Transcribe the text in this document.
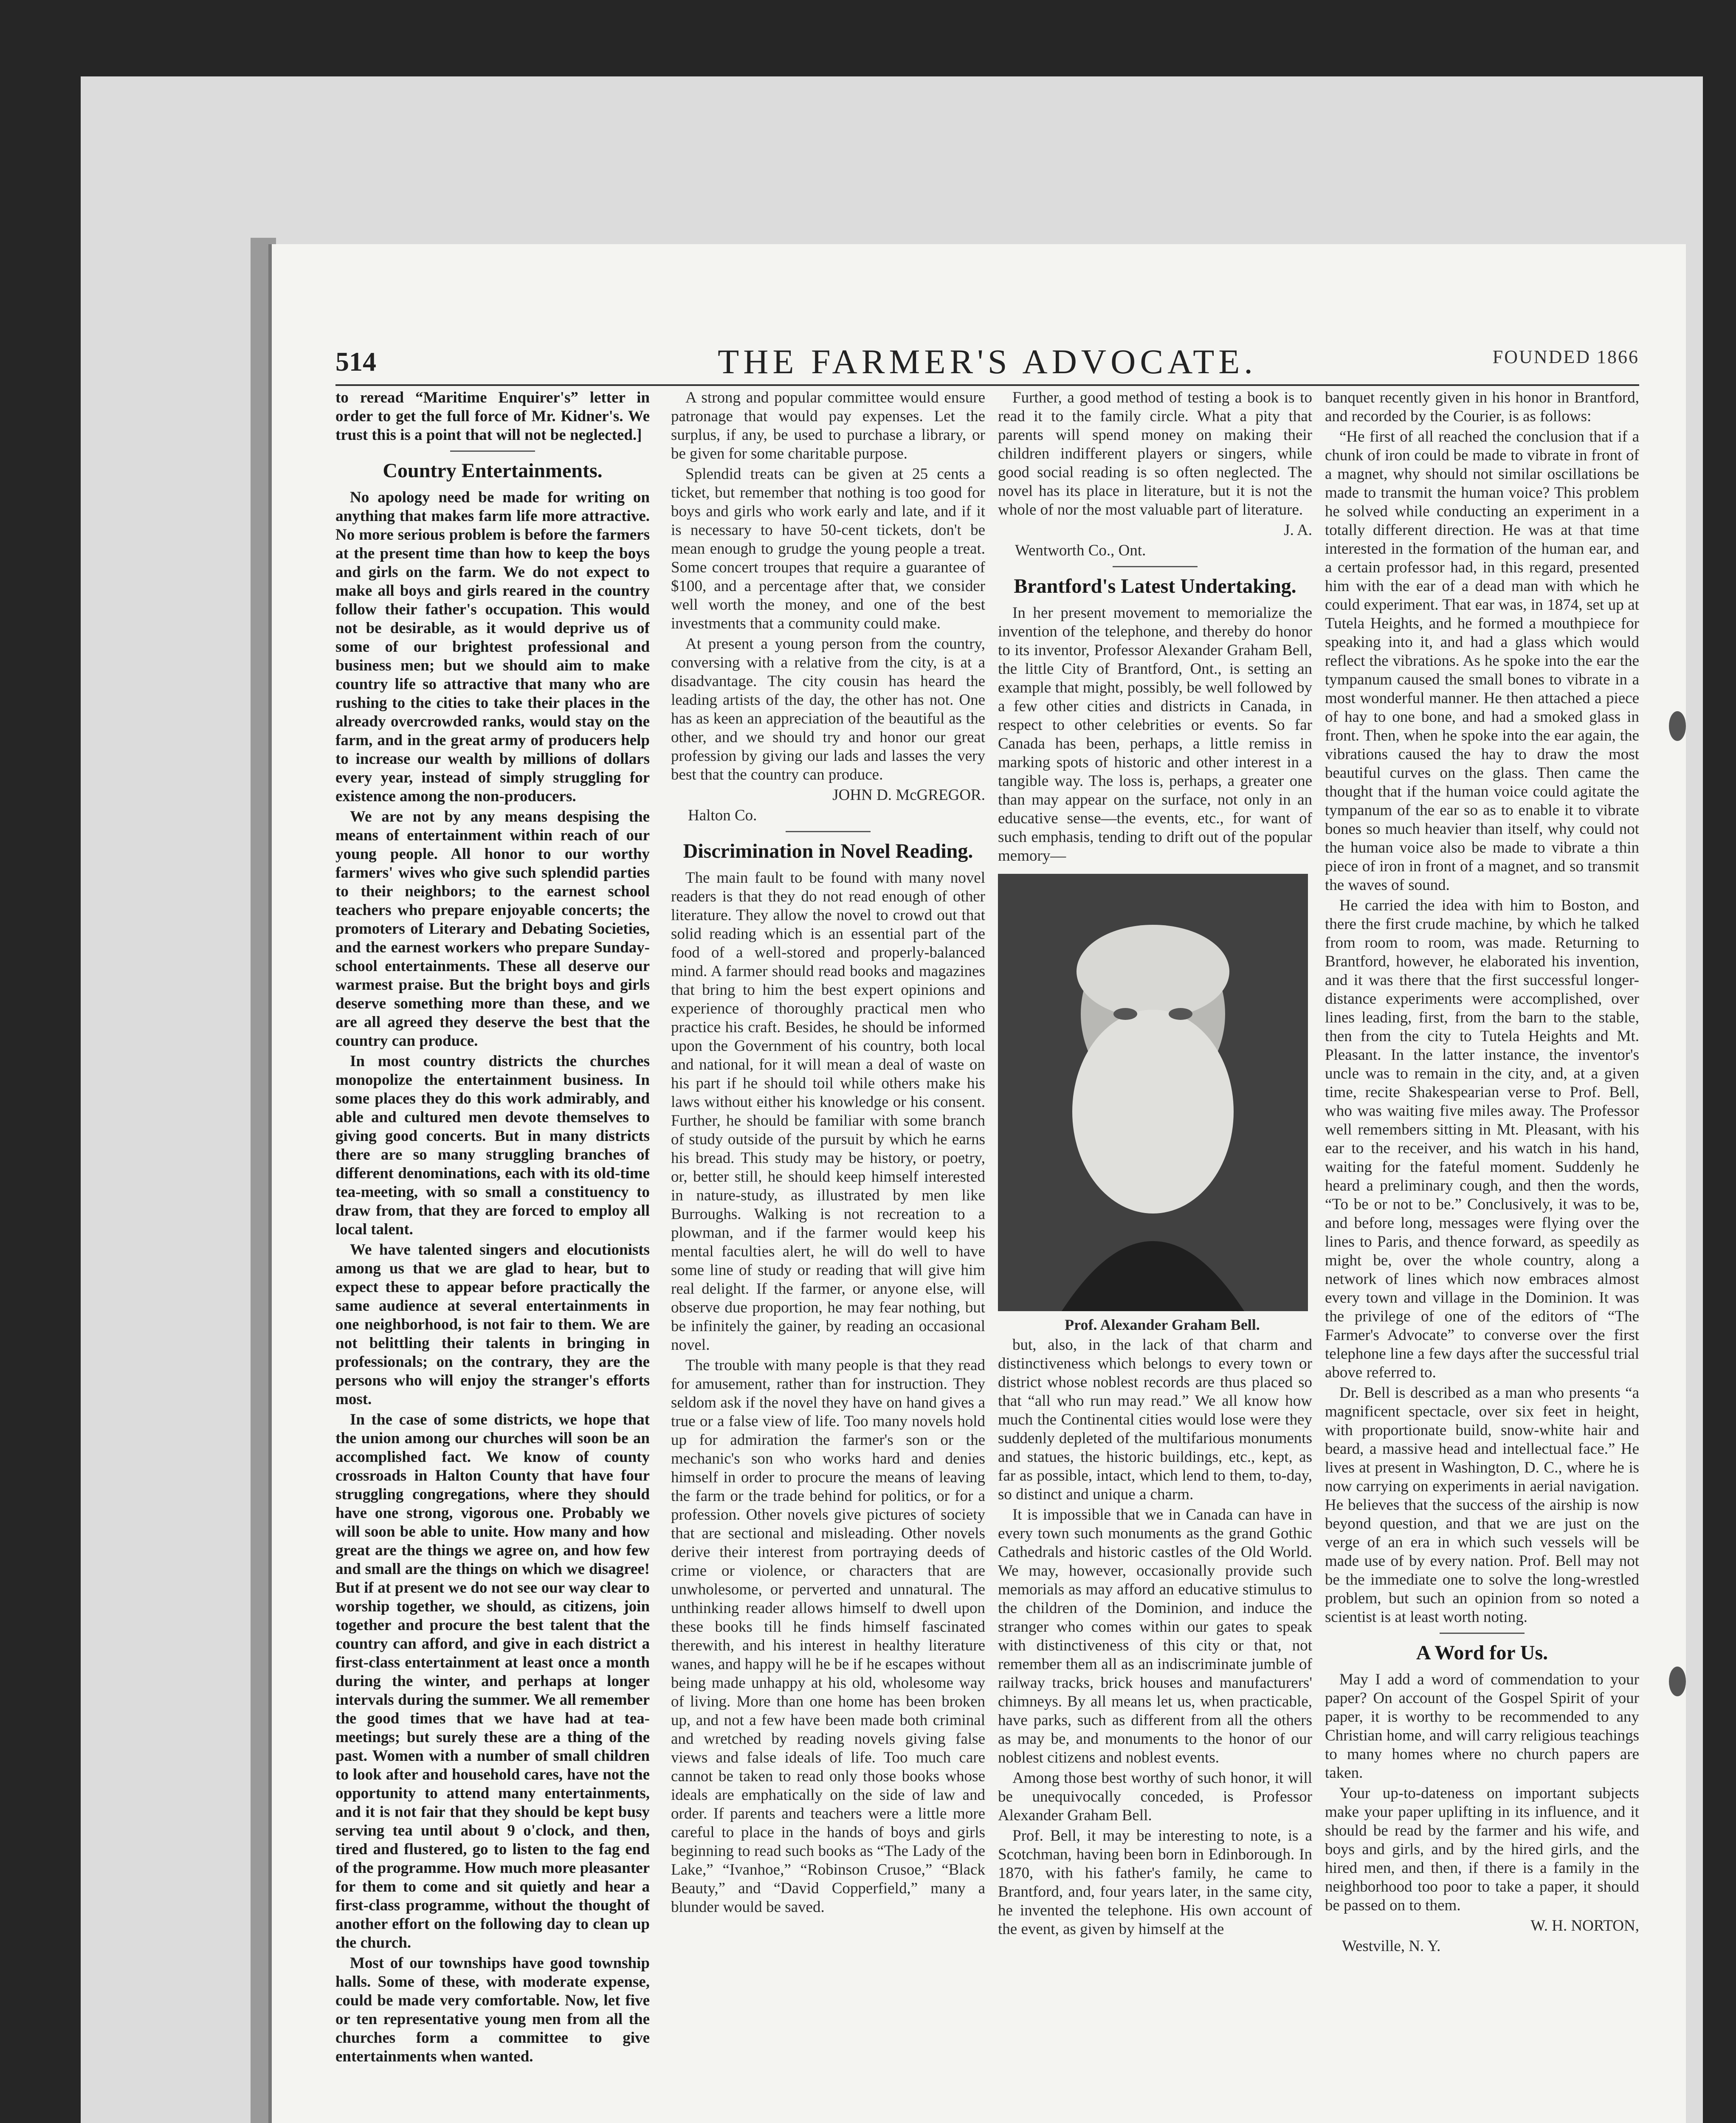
514	THE FARMER'S ADVOCATE.	FOUNDED 1866

to reread “Maritime Enquirer's” letter in order to get the full force of Mr. Kidner's. We trust this is a point that will not be neglected.]

Country Entertainments.

No apology need be made for writing on anything that makes farm life more attractive. No more serious problem is before the farmers at the present time than how to keep the boys and girls on the farm. We do not expect to make all boys and girls reared in the country follow their father's occupation. This would not be desirable, as it would deprive us of some of our brightest professional and business men; but we should aim to make country life so attractive that many who are rushing to the cities to take their places in the already overcrowded ranks, would stay on the farm, and in the great army of producers help to increase our wealth by millions of dollars every year, instead of simply struggling for existence among the non-producers.

We are not by any means despising the means of entertainment within reach of our young people. All honor to our worthy farmers' wives who give such splendid parties to their neighbors; to the earnest school teachers who prepare enjoyable concerts; the promoters of Literary and Debating Societies, and the earnest workers who prepare Sunday-school entertainments. These all deserve our warmest praise. But the bright boys and girls deserve something more than these, and we are all agreed they deserve the best that the country can produce.

In most country districts the churches monopolize the entertainment business. In some places they do this work admirably, and able and cultured men devote themselves to giving good concerts. But in many districts there are so many struggling branches of different denominations, each with its old-time tea-meeting, with so small a constituency to draw from, that they are forced to employ all local talent.

We have talented singers and elocutionists among us that we are glad to hear, but to expect these to appear before practically the same audience at several entertainments in one neighborhood, is not fair to them. We are not belittling their talents in bringing in professionals; on the contrary, they are the persons who will enjoy the stranger's efforts most.

In the case of some districts, we hope that the union among our churches will soon be an accomplished fact. We know of county crossroads in Halton County that have four struggling congregations, where they should have one strong, vigorous one. Probably we will soon be able to unite. How many and how great are the things we agree on, and how few and small are the things on which we disagree! But if at present we do not see our way clear to worship together, we should, as citizens, join together and procure the best talent that the country can afford, and give in each district a first-class entertainment at least once a month during the winter, and perhaps at longer intervals during the summer. We all remember the good times that we have had at tea-meetings; but surely these are a thing of the past. Women with a number of small children to look after and household cares, have not the opportunity to attend many entertainments, and it is not fair that they should be kept busy serving tea until about 9 o'clock, and then, tired and flustered, go to listen to the fag end of the programme. How much more pleasanter for them to come and sit quietly and hear a first-class programme, without the thought of another effort on the following day to clean up the church.

Most of our townships have good township halls. Some of these, with moderate expense, could be made very comfortable. Now, let five or ten representative young men from all the churches form a committee to give entertainments when wanted.

A strong and popular committee would ensure patronage that would pay expenses. Let the surplus, if any, be used to purchase a library, or be given for some charitable purpose.

Splendid treats can be given at 25 cents a ticket, but remember that nothing is too good for boys and girls who work early and late, and if it is necessary to have 50-cent tickets, don't be mean enough to grudge the young people a treat. Some concert troupes that require a guarantee of $100, and a percentage after that, we consider well worth the money, and one of the best investments that a community could make.

At present a young person from the country, conversing with a relative from the city, is at a disadvantage. The city cousin has heard the leading artists of the day, the other has not. One has as keen an appreciation of the beautiful as the other, and we should try and honor our great profession by giving our lads and lasses the very best that the country can produce.

JOHN D. McGREGOR.

Halton Co.

Discrimination in Novel Reading.

The main fault to be found with many novel readers is that they do not read enough of other literature. They allow the novel to crowd out that solid reading which is an essential part of the food of a well-stored and properly-balanced mind. A farmer should read books and magazines that bring to him the best expert opinions and experience of thoroughly practical men who practice his craft. Besides, he should be informed upon the Government of his country, both local and national, for it will mean a deal of waste on his part if he should toil while others make his laws without either his knowledge or his consent. Further, he should be familiar with some branch of study outside of the pursuit by which he earns his bread. This study may be history, or poetry, or, better still, he should keep himself interested in nature-study, as illustrated by men like Burroughs. Walking is not recreation to a plowman, and if the farmer would keep his mental faculties alert, he will do well to have some line of study or reading that will give him real delight. If the farmer, or anyone else, will observe due proportion, he may fear nothing, but be infinitely the gainer, by reading an occasional novel.

The trouble with many people is that they read for amusement, rather than for instruction. They seldom ask if the novel they have on hand gives a true or a false view of life. Too many novels hold up for admiration the farmer's son or the mechanic's son who works hard and denies himself in order to procure the means of leaving the farm or the trade behind for politics, or for a profession. Other novels give pictures of society that are sectional and misleading. Other novels derive their interest from portraying deeds of crime or violence, or characters that are unwholesome, or perverted and unnatural. The unthinking reader allows himself to dwell upon these books till he finds himself fascinated therewith, and his interest in healthy literature wanes, and happy will he be if he escapes without being made unhappy at his old, wholesome way of living. More than one home has been broken up, and not a few have been made both criminal and wretched by reading novels giving false views and false ideals of life. Too much care cannot be taken to read only those books whose ideals are emphatically on the side of law and order. If parents and teachers were a little more careful to place in the hands of boys and girls beginning to read such books as “The Lady of the Lake,” “Ivanhoe,” “Robinson Crusoe,” “Black Beauty,” and “David Copperfield,” many a blunder would be saved.

Further, a good method of testing a book is to read it to the family circle. What a pity that parents will spend money on making their children indifferent players or singers, while good social reading is so often neglected. The novel has its place in literature, but it is not the whole of nor the most valuable part of literature.

J. A.

Wentworth Co., Ont.

Brantford's Latest Undertaking.

In her present movement to memorialize the invention of the telephone, and thereby do honor to its inventor, Professor Alexander Graham Bell, the little City of Brantford, Ont., is setting an example that might, possibly, be well followed by a few other cities and districts in Canada, in respect to other celebrities or events. So far Canada has been, perhaps, a little remiss in marking spots of historic and other interest in a tangible way. The loss is, perhaps, a greater one than may appear on the surface, not only in an educative sense—the events, etc., for want of such emphasis, tending to drift out of the popular memory—

Prof. Alexander Graham Bell.

but, also, in the lack of that charm and distinctiveness which belongs to every town or district whose noblest records are thus placed so that “all who run may read.” We all know how much the Continental cities would lose were they suddenly depleted of the multifarious monuments and statues, the historic buildings, etc., kept, as far as possible, intact, which lend to them, to-day, so distinct and unique a charm.

It is impossible that we in Canada can have in every town such monuments as the grand Gothic Cathedrals and historic castles of the Old World. We may, however, occasionally provide such memorials as may afford an educative stimulus to the children of the Dominion, and induce the stranger who comes within our gates to speak with distinctiveness of this city or that, not remember them all as an indiscriminate jumble of railway tracks, brick houses and manufacturers' chimneys. By all means let us, when practicable, have parks, such as different from all the others as may be, and monuments to the honor of our noblest citizens and noblest events.

Among those best worthy of such honor, it will be unequivocally conceded, is Professor Alexander Graham Bell.

Prof. Bell, it may be interesting to note, is a Scotchman, having been born in Edinborough. In 1870, with his father's family, he came to Brantford, and, four years later, in the same city, he invented the telephone. His own account of the event, as given by himself at the

banquet recently given in his honor in Brantford, and recorded by the Courier, is as follows:

“He first of all reached the conclusion that if a chunk of iron could be made to vibrate in front of a magnet, why should not similar oscillations be made to transmit the human voice? This problem he solved while conducting an experiment in a totally different direction. He was at that time interested in the formation of the human ear, and a certain professor had, in this regard, presented him with the ear of a dead man with which he could experiment. That ear was, in 1874, set up at Tutela Heights, and he formed a mouthpiece for speaking into it, and had a glass which would reflect the vibrations. As he spoke into the ear the tympanum caused the small bones to vibrate in a most wonderful manner. He then attached a piece of hay to one bone, and had a smoked glass in front. Then, when he spoke into the ear again, the vibrations caused the hay to draw the most beautiful curves on the glass. Then came the thought that if the human voice could agitate the tympanum of the ear so as to enable it to vibrate bones so much heavier than itself, why could not the human voice also be made to vibrate a thin piece of iron in front of a magnet, and so transmit the waves of sound.

He carried the idea with him to Boston, and there the first crude machine, by which he talked from room to room, was made. Returning to Brantford, however, he elaborated his invention, and it was there that the first successful longer-distance experiments were accomplished, over lines leading, first, from the barn to the stable, then from the city to Tutela Heights and Mt. Pleasant. In the latter instance, the inventor's uncle was to remain in the city, and, at a given time, recite Shakespearian verse to Prof. Bell, who was waiting five miles away. The Professor well remembers sitting in Mt. Pleasant, with his ear to the receiver, and his watch in his hand, waiting for the fateful moment. Suddenly he heard a preliminary cough, and then the words, “To be or not to be.” Conclusively, it was to be, and before long, messages were flying over the lines to Paris, and thence forward, as speedily as might be, over the whole country, along a network of lines which now embraces almost every town and village in the Dominion. It was the privilege of one of the editors of “The Farmer's Advocate” to converse over the first telephone line a few days after the successful trial above referred to.

Dr. Bell is described as a man who presents “a magnificent spectacle, over six feet in height, with proportionate build, snow-white hair and beard, a massive head and intellectual face.” He lives at present in Washington, D. C., where he is now carrying on experiments in aerial navigation. He believes that the success of the airship is now beyond question, and that we are just on the verge of an era in which such vessels will be made use of by every nation. Prof. Bell may not be the immediate one to solve the long-wrestled problem, but such an opinion from so noted a scientist is at least worth noting.

A Word for Us.

May I add a word of commendation to your paper? On account of the Gospel Spirit of your paper, it is worthy to be recommended to any Christian home, and will carry religious teachings to many homes where no church papers are taken.

Your up-to-dateness on important subjects make your paper uplifting in its influence, and it should be read by the farmer and his wife, and boys and girls, and by the hired girls, and the hired men, and then, if there is a family in the neighborhood too poor to take a paper, it should be passed on to them.

W. H. NORTON,

Westville, N. Y.
